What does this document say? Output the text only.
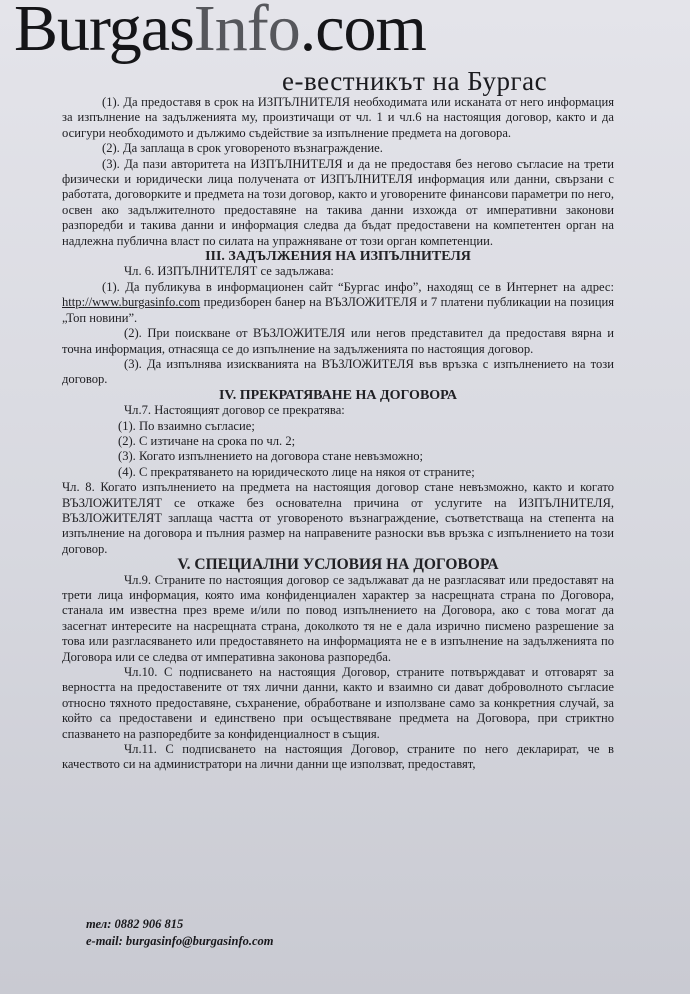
BurgasInfo.com
е-вестникът на Бургас

(1). Да предоставя в срок на ИЗПЪЛНИТЕЛЯ необходимата или исканата от него информация за изпълнение на задълженията му, произтичащи от чл. 1 и чл.6 на настоящия договор, както и да осигури необходимото и дължимо съдействие за изпълнение предмета на договора.

(2). Да заплаща в срок уговореното възнаграждение.

(3). Да пази авторитета на ИЗПЪЛНИТЕЛЯ и да не предоставя без негово съгласие на трети физически и юридически лица получената от ИЗПЪЛНИТЕЛЯ информация или данни, свързани с работата, договорките и предмета на този договор, както и уговорените финансови параметри по него, освен ако задължителното предоставяне на такива данни изхожда от императивни законови разпоредби и такива данни и информация следва да бъдат предоставени на компетентен орган на надлежна публична власт по силата на упражняване от този орган компетенции.

III. ЗАДЪЛЖЕНИЯ НА ИЗПЪЛНИТЕЛЯ

Чл. 6. ИЗПЪЛНИТЕЛЯТ се задължава:

(1). Да публикува в информационен сайт “Бургас инфо”, находящ се в Интернет на адрес: http://www.burgasinfo.com предизборен банер на ВЪЗЛОЖИТЕЛЯ и 7 платени публикации на позиция „Топ новини”.

(2). При поискване от ВЪЗЛОЖИТЕЛЯ или негов представител да предоставя вярна и точна информация, отнасяща се до изпълнение на задълженията по настоящия договор.

(3). Да изпълнява изискванията на ВЪЗЛОЖИТЕЛЯ във връзка с изпълнението на този договор.

IV. ПРЕКРАТЯВАНЕ НА ДОГОВОРА

Чл.7. Настоящият договор се прекратява:

(1). По взаимно съгласие;

(2). С изтичане на срока по чл. 2;

(3). Когато изпълнението на договора стане невъзможно;

(4). С прекратяването на юридическото лице на някоя от страните;

Чл. 8. Когато изпълнението на предмета на настоящия договор стане невъзможно, както и когато ВЪЗЛОЖИТЕЛЯТ се откаже без основателна причина от услугите на ИЗПЪЛНИТЕЛЯ, ВЪЗЛОЖИТЕЛЯТ заплаща частта от уговореното възнаграждение, съответстваща на степента на изпълнение на договора и пълния размер на направените разноски във връзка с изпълнението на този договор.

V. СПЕЦИАЛНИ УСЛОВИЯ НА ДОГОВОРА

Чл.9. Страните по настоящия договор се задължават да не разгласяват или предоставят на трети лица информация, която има конфиденциален характер за насрещната страна по Договора, станала им известна през време и/или по повод изпълнението на Договора, ако с това могат да засегнат интересите на насрещната страна, доколкото тя не е дала изрично писмено разрешение за това или разгласяването или предоставянето на информацията не е в изпълнение на задълженията по Договора или се следва от императивна законова разпоредба.

Чл.10. С подписването на настоящия Договор, страните потвърждават и отговарят за верността на предоставените от тях лични данни, както и взаимно си дават доброволното съгласие относно тяхното предоставяне, съхранение, обработване и използване само за конкретния случай, за който са предоставени и единствено при осъществяване предмета на Договора, при стриктно спазването на разпоредбите за конфиденциалност в същия.

Чл.11. С подписването на настоящия Договор, страните по него декларират, че в качеството си на администратори на лични данни ще използват, предоставят,

тел: 0882 906 815
e-mail: burgasinfo@burgasinfo.com
